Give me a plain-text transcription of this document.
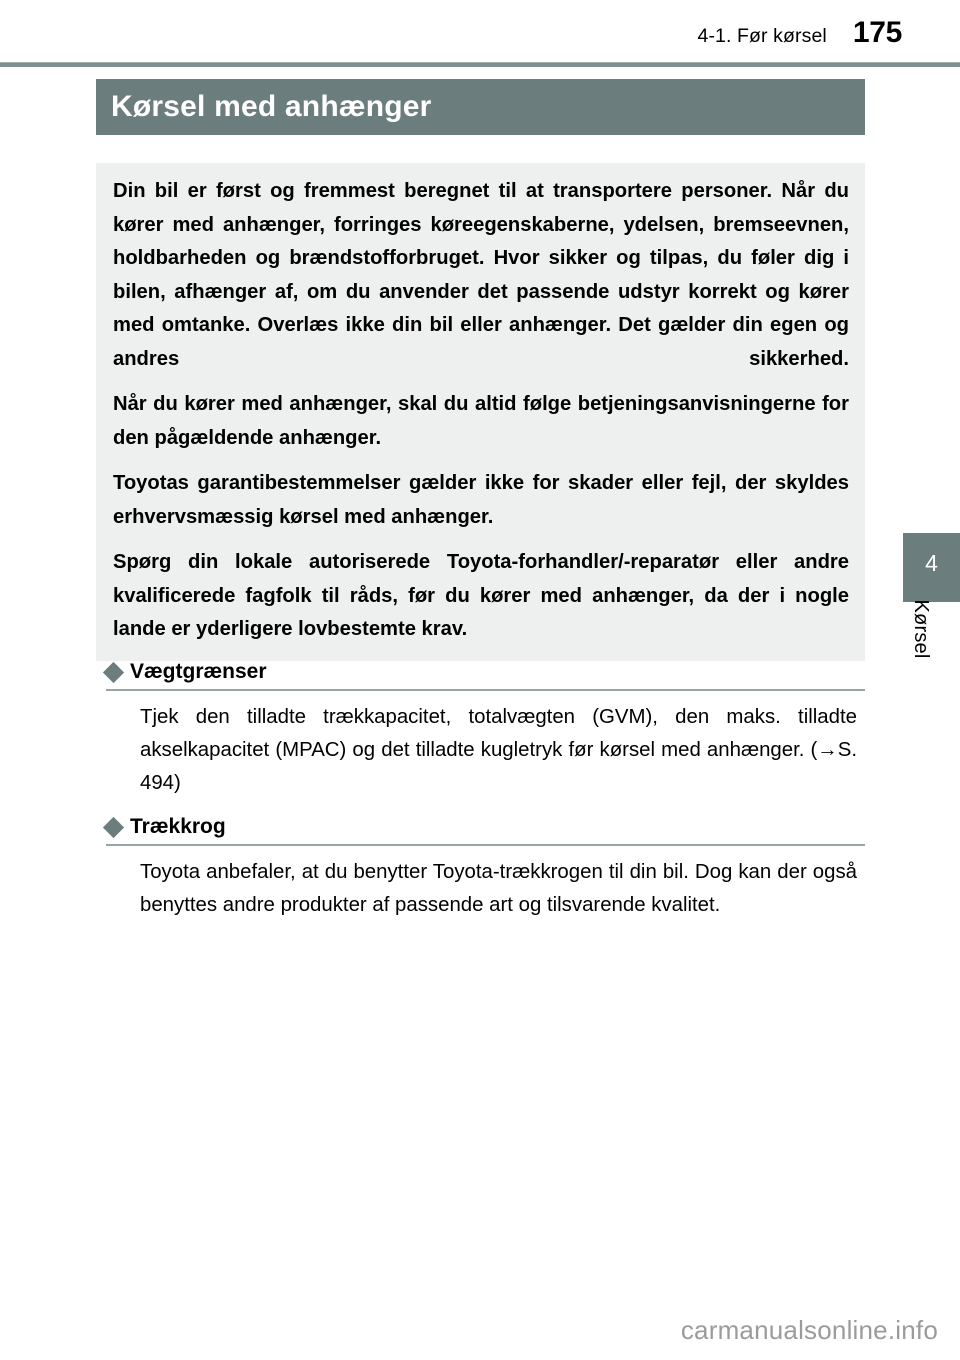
4-1. Før kørsel 175
Kørsel med anhænger

Din bil er først og fremmest beregnet til at transportere personer. Når du kører med anhænger, forringes køreegenskaberne, ydelsen, bremseevnen, holdbarheden og brændstofforbruget. Hvor sikker og tilpas, du føler dig i bilen, afhænger af, om du anvender det passende udstyr korrekt og kører med omtanke. Overlæs ikke din bil eller anhænger. Det gælder din egen og andres sikkerhed.

Når du kører med anhænger, skal du altid følge betjeningsanvisningerne for den pågældende anhænger.

Toyotas garantibestemmelser gælder ikke for skader eller fejl, der skyldes erhvervsmæssig kørsel med anhænger.

Spørg din lokale autoriserede Toyota-forhandler/-reparatør eller andre kvalificerede fagfolk til råds, før du kører med anhænger, da der i nogle lande er yderligere lovbestemte krav.

Vægtgrænser

Tjek den tilladte trækkapacitet, totalvægten (GVM), den maks. tilladte akselkapacitet (MPAC) og det tilladte kugletryk før kørsel med anhænger. (→S. 494)

Trækkrog

Toyota anbefaler, at du benytter Toyota-trækkrogen til din bil. Dog kan der også benyttes andre produkter af passende art og tilsvarende kvalitet.

4
Kørsel
carmanualsonline.info
